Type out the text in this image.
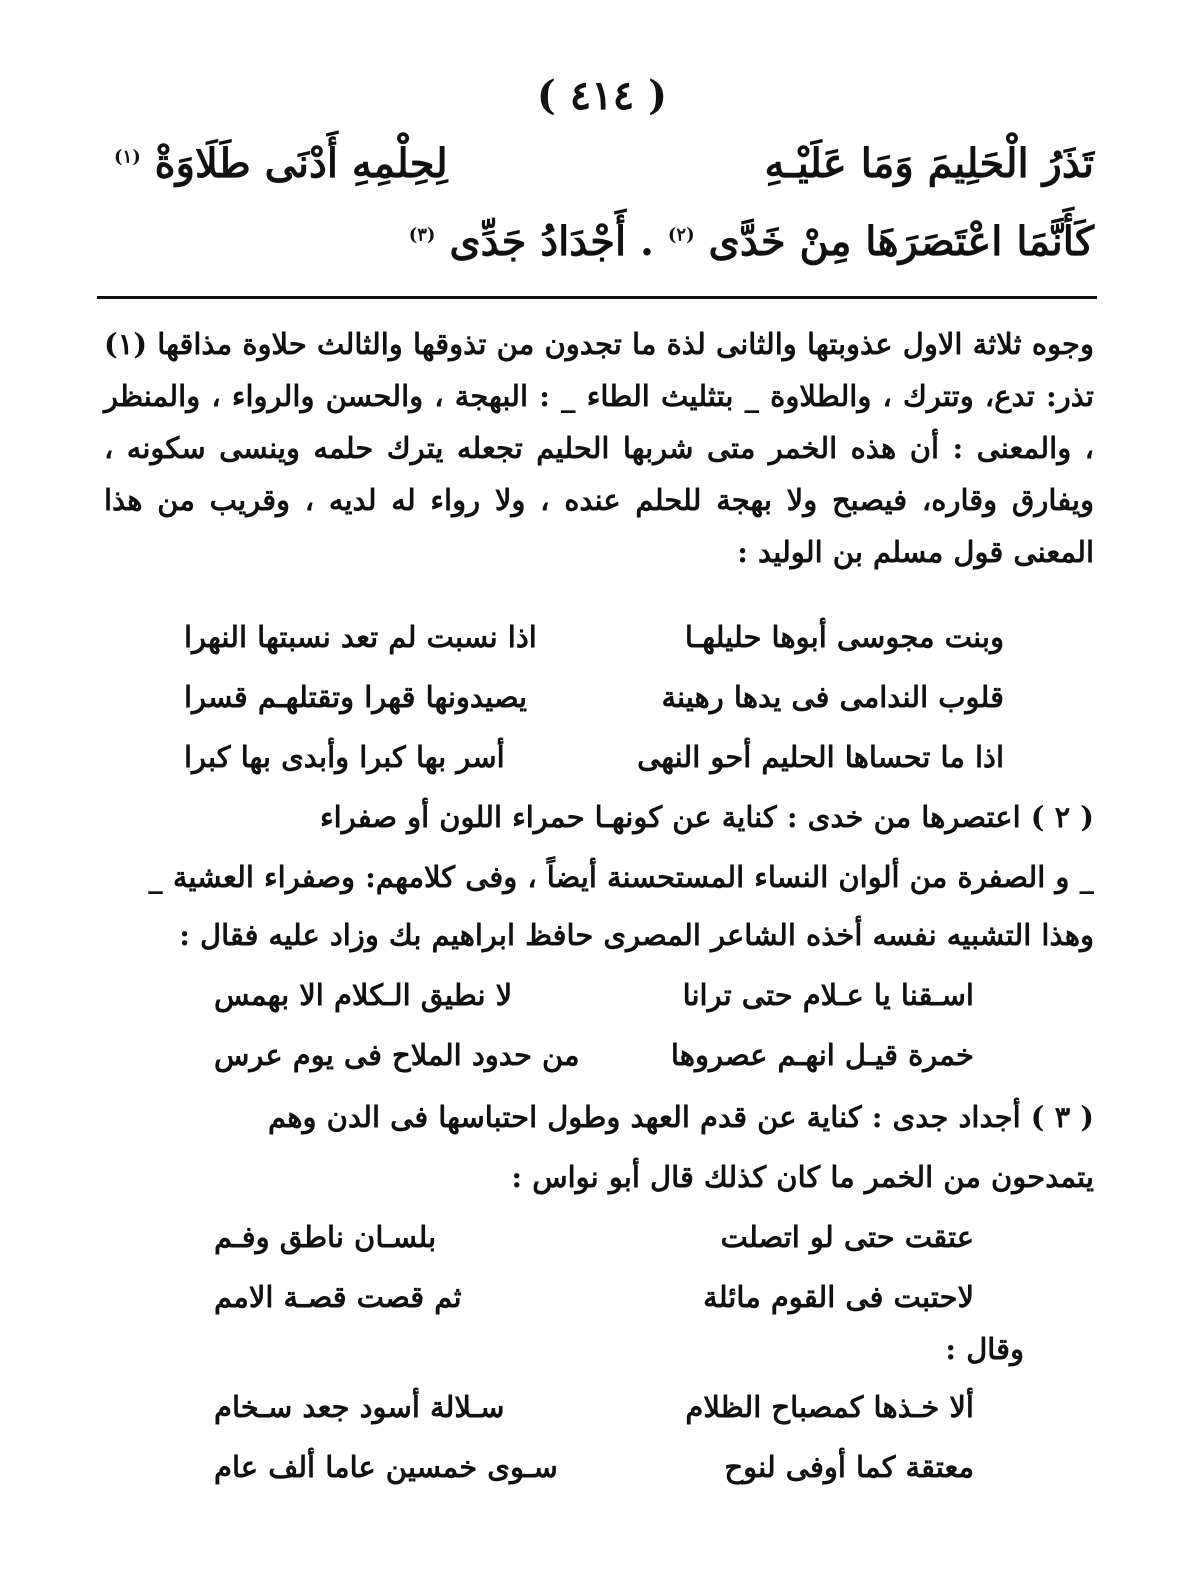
( ٤١٤ )
تَذَرُ الْحَلِيمَ وَمَا عَلَيْـهِ
لِحِلْمِهِ أَدْنَى طَلَاوَةْ $^{(١)}$
كَأَنَّمَا اعْتَصَرَهَا مِنْ خَدَّى $^{(٢)}$ . أَجْدَادُ جَدِّى $^{(٣)}$
وجوه ثلاثة الاول عذوبتها والثانى لذة ما تجدون من تذوقها والثالث حلاوة مذاقها (١) تذر: تدع، وتترك ، والطلاوة _ بتثليث الطاء _ : البهجة ، والحسن والرواء ، والمنظر ، والمعنى : أن هذه الخمر متى شربها الحليم تجعله يترك حلمه وينسى سكونه ، ويفارق وقاره، فيصبح ولا بهجة للحلم عنده ، ولا رواء له لديه ، وقريب من هذا المعنى قول مسلم بن الوليد :
وبنت مجوسى أبوها حليلهـا
اذا نسبت لم تعد نسبتها النهرا
قلوب الندامى فى يدها رهينة
يصيدونها قهرا وتقتلهـم قسرا
اذا ما تحساها الحليم أحو النهى
أسر بها كبرا وأبدى بها كبرا
( ٢ ) اعتصرها من خدى : كناية عن كونهـا حمراء اللون أو صفراء
_ و الصفرة من ألوان النساء المستحسنة أيضاً ، وفى كلامهم: وصفراء العشية _
وهذا التشبيه نفسه أخذه الشاعر المصرى حافظ ابراهيم بك وزاد عليه فقال :
اسـقنا يا عـلام حتى ترانا
لا نطيق الـكلام الا بهمس
خمرة قيـل انهـم عصروها
من حدود الملاح فى يوم عرس
( ٣ ) أجداد جدى : كناية عن قدم العهد وطول احتباسها فى الدن وهم
يتمدحون من الخمر ما كان كذلك قال أبو نواس :
عتقت حتى لو اتصلت
بلسـان ناطق وفـم
لاحتبت فى القوم مائلة
ثم قصت قصـة الامم
وقال :
ألا خـذها كمصباح الظلام
سـلالة أسود جعد سـخام
معتقة كما أوفى لنوح
سـوى خمسين عاما ألف عام
